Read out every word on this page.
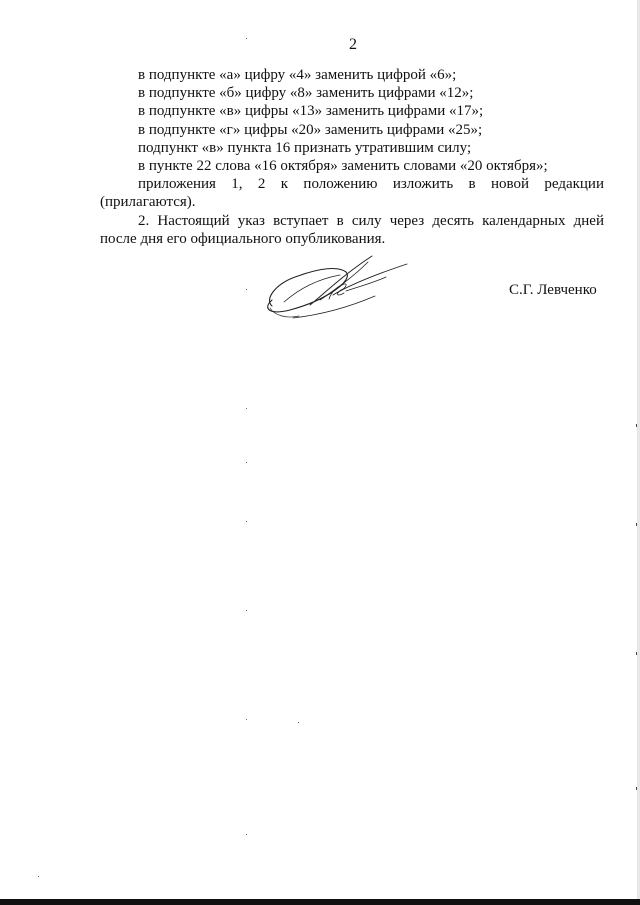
2
в подпункте «а» цифру «4» заменить цифрой «6»;
в подпункте «б» цифру «8» заменить цифрами «12»;
в подпункте «в» цифры «13» заменить цифрами «17»;
в подпункте «г» цифры «20» заменить цифрами «25»;
подпункт «в» пункта 16 признать утратившим силу;
в пункте 22 слова «16 октября» заменить словами «20 октября»;
приложения 1, 2 к положению изложить в новой редакции
(прилагаются).
2. Настоящий указ вступает в силу через десять календарных дней
после дня его официального опубликования.
С.Г. Левченко
